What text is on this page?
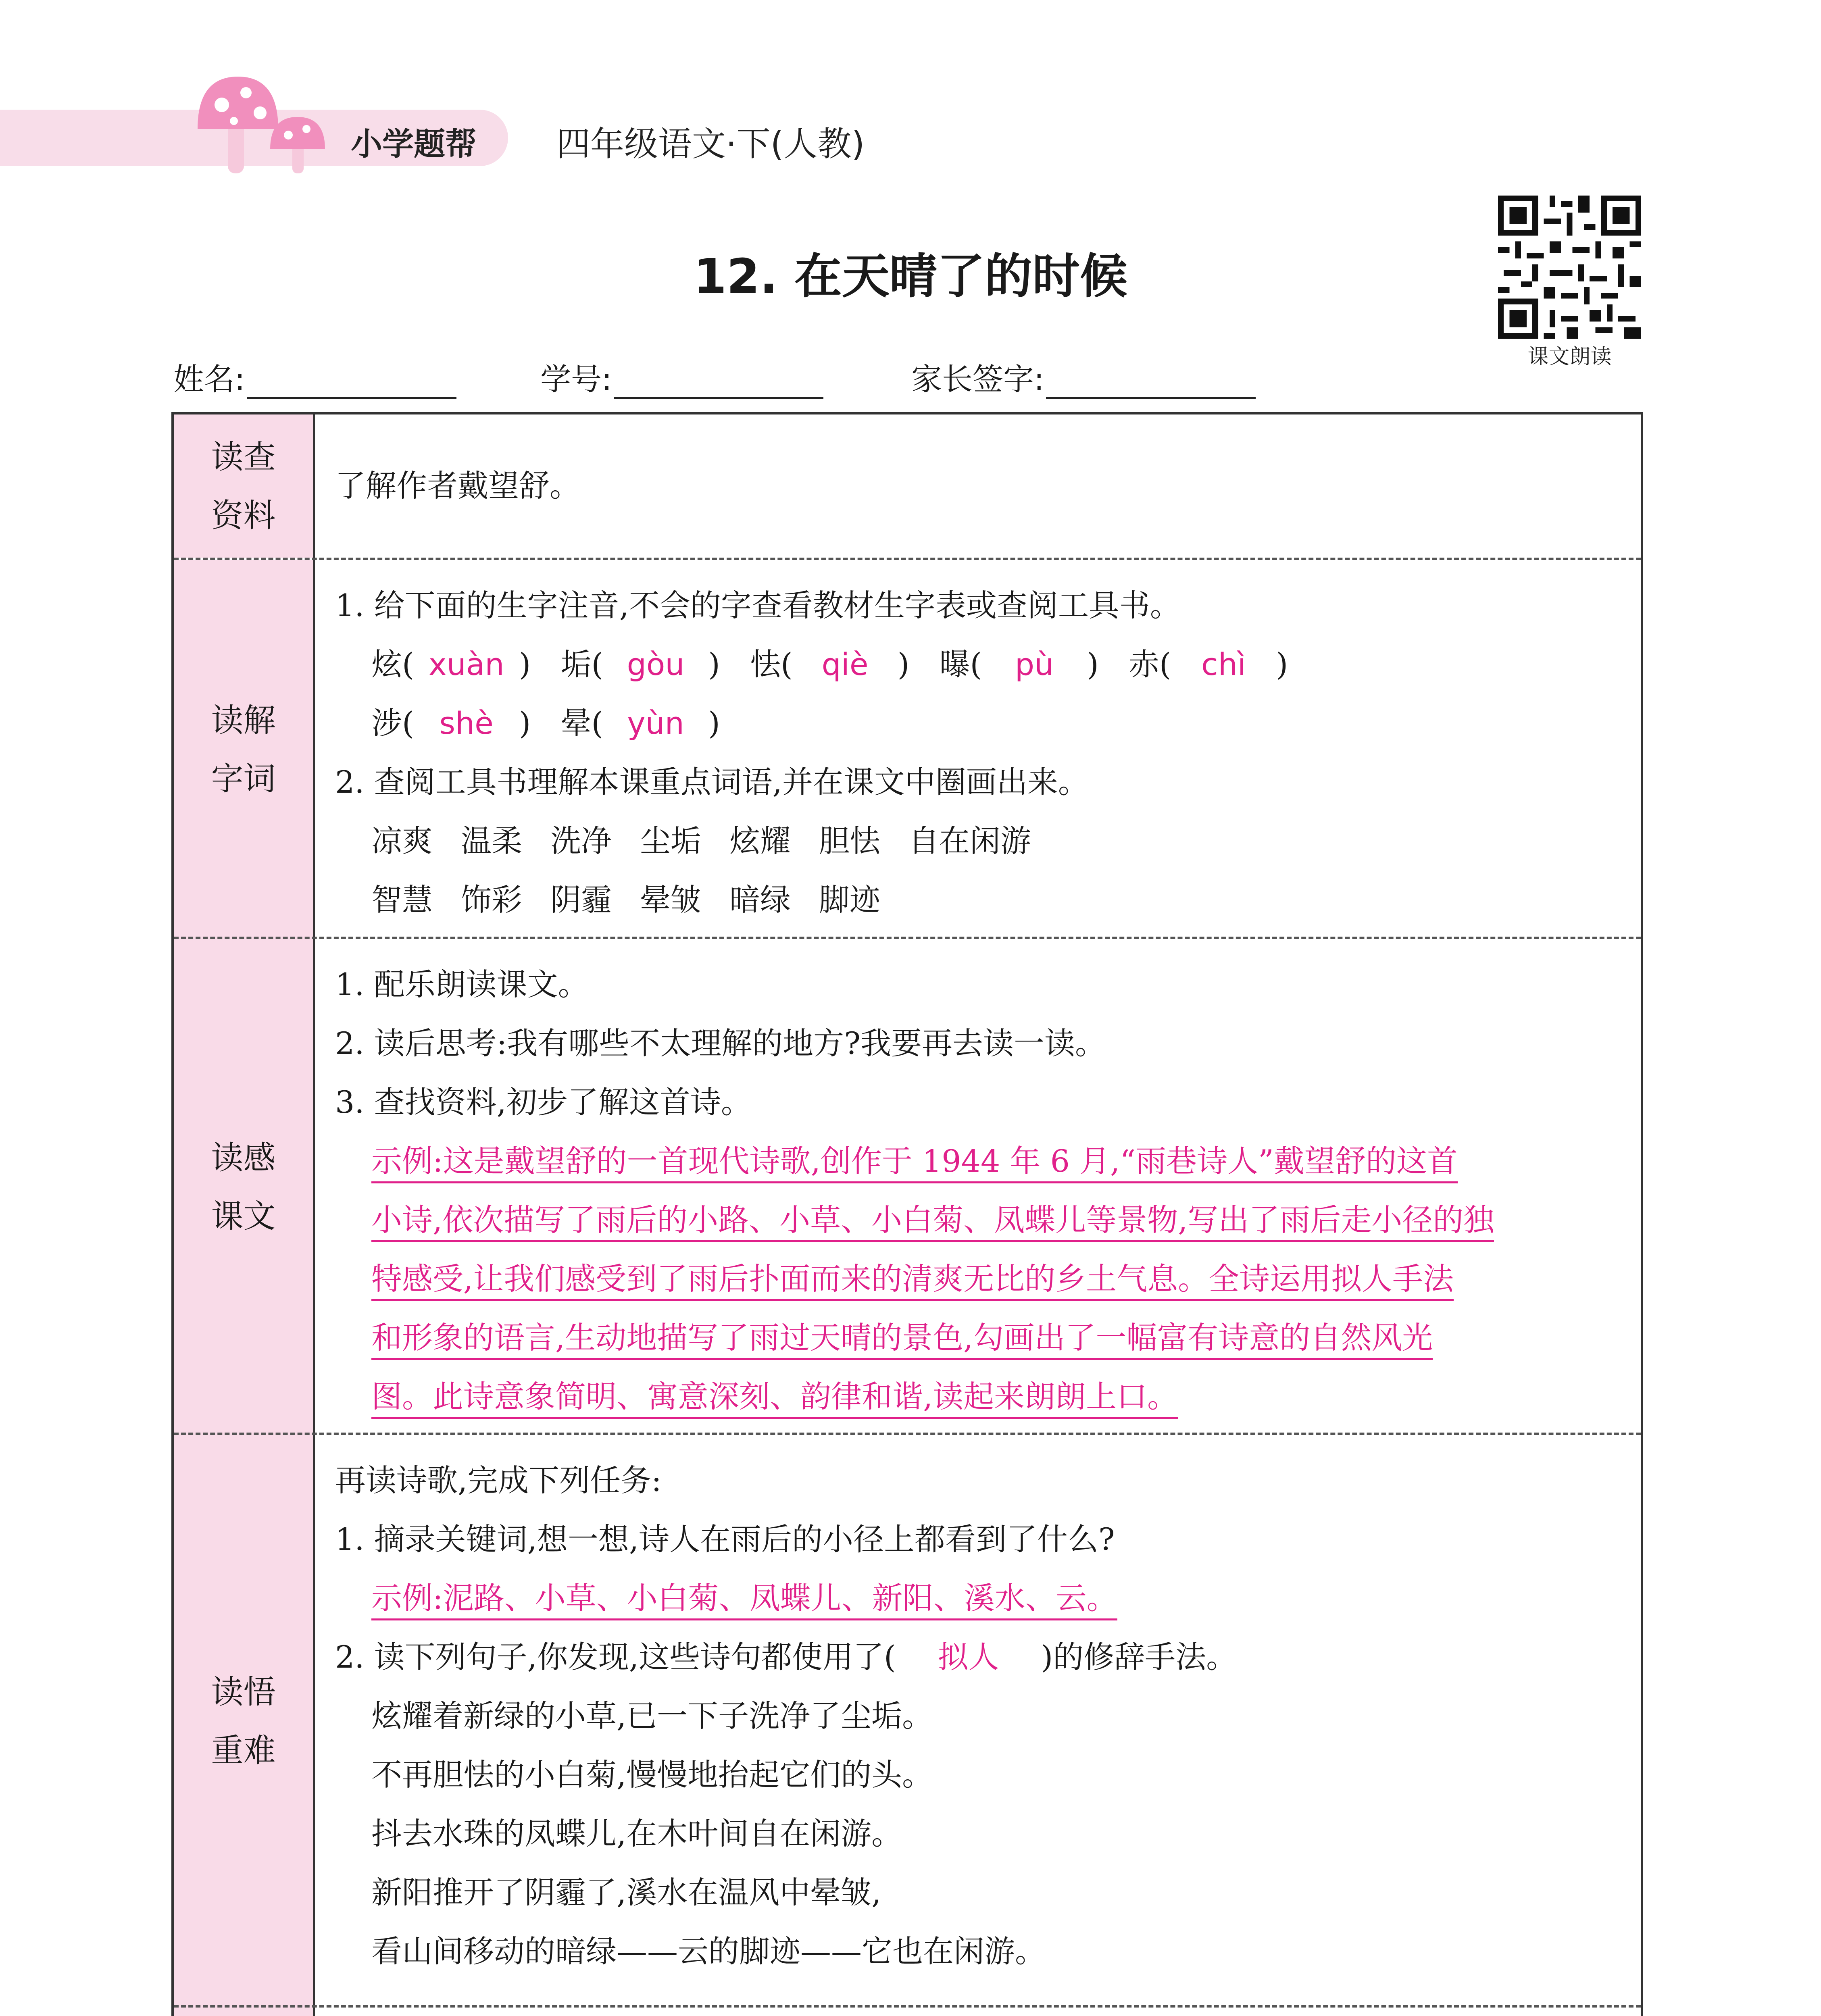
小学题帮 四年级语文·下(人教)
12. 在天晴了的时候
课文朗读
姓名:	学号:	家长签字:
读查
资料
了解作者戴望舒。
读解
字词
1. 给下面的生字注音,不会的字查看教材生字表或查阅工具书。
炫( xuàn ) 垢( gòu ) 怯( qiè ) 曝( pù ) 赤( chì )
涉( shè ) 晕( yùn )
2. 查阅工具书理解本课重点词语,并在课文中圈画出来。
凉爽 温柔 洗净 尘垢 炫耀 胆怯 自在闲游
智慧 饰彩 阴霾 晕皱 暗绿 脚迹
读感
课文
1. 配乐朗读课文。
2. 读后思考:我有哪些不太理解的地方?我要再去读一读。
3. 查找资料,初步了解这首诗。
示例:这是戴望舒的一首现代诗歌,创作于 1944 年 6 月,“雨巷诗人”戴望舒的这首
小诗,依次描写了雨后的小路、小草、小白菊、凤蝶儿等景物,写出了雨后走小径的独
特感受,让我们感受到了雨后扑面而来的清爽无比的乡土气息。全诗运用拟人手法
和形象的语言,生动地描写了雨过天晴的景色,勾画出了一幅富有诗意的自然风光
图。此诗意象简明、寓意深刻、韵律和谐,读起来朗朗上口。
读悟
重难
再读诗歌,完成下列任务:
1. 摘录关键词,想一想,诗人在雨后的小径上都看到了什么?
示例:泥路、小草、小白菊、凤蝶儿、新阳、溪水、云。
2. 读下列句子,你发现,这些诗句都使用了( 拟人 )的修辞手法。
炫耀着新绿的小草,已一下子洗净了尘垢。
不再胆怯的小白菊,慢慢地抬起它们的头。
抖去水珠的凤蝶儿,在木叶间自在闲游。
新阳推开了阴霾了,溪水在温风中晕皱,
看山间移动的暗绿——云的脚迹——它也在闲游。
